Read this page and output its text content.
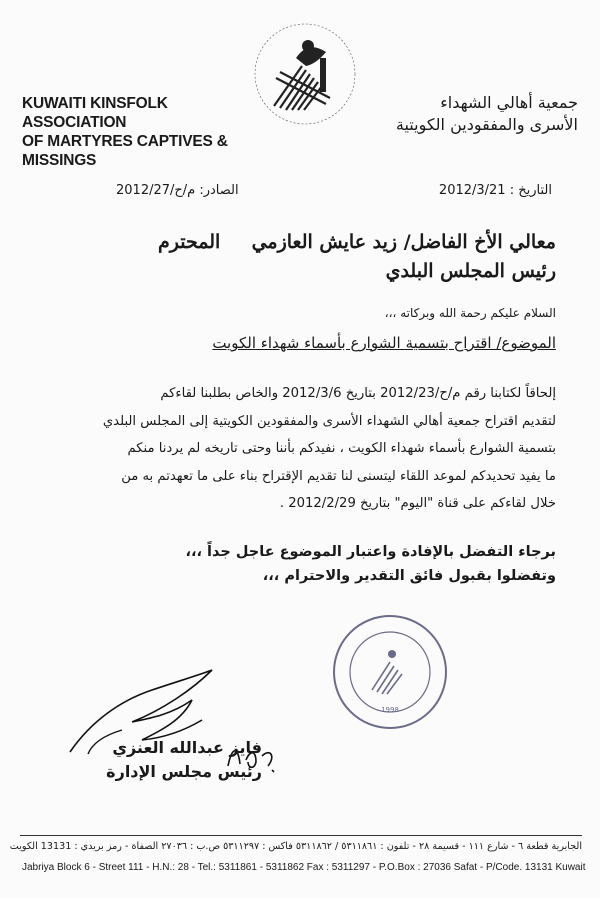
KUWAITI KINSFOLK ASSOCIATION
OF MARTYRES CAPTIVES & MISSINGS
جمعية أهالي الشهداء
الأسرى والمفقودين الكويتية
الصادر: م/ح/2012/27	التاريخ : 2012/3/21
معالي الأخ الفاضل/ زيد عايش العازمي
المحترم
رئيس المجلس البلدي
السلام عليكم رحمة الله وبركاته ،،،
الموضوع/ اقتراح بتسمية الشوارع بأسماء شهداء الكويت
إلحاقاً لكتابنا رقم م/ح/2012/23 بتاريخ 2012/3/6 والخاص بطلبنا لقاءكم
لتقديم اقتراح جمعية أهالي الشهداء الأسرى والمفقودين الكويتية إلى المجلس البلدي
بتسمية الشوارع بأسماء شهداء الكويت ، نفيدكم بأننا وحتى تاريخه لم يردنا منكم
ما يفيد تحديدكم لموعد اللقاء ليتسنى لنا تقديم الإقتراح بناء على ما تعهدتم به من
خلال لقاءكم على قناة "اليوم" بتاريخ 2012/2/29 .
برجاء التفضل بالإفادة واعتبار الموضوع عاجل جداً ،،،
وتفضلوا بقبول فائق التقدير والاحترام ،،،
1998
فايز عبدالله العنزي
رئيس مجلس الإدارة
الجابرية قطعة ٦ - شارع ١١١ - قسيمة ٢٨ - تلفون : ٥٣١١٨٦١ / ٥٣١١٨٦٢ فاكس : ٥٣١١٢٩٧ ص.ب : ٢٧٠٣٦ الصفاة - رمز بريدي : 13131 الكويت
Jabriya Block 6 - Street 111 - H.N.: 28 - Tel.: 5311861 - 5311862 Fax : 5311297 - P.O.Box : 27036 Safat - P/Code. 13131 Kuwait
